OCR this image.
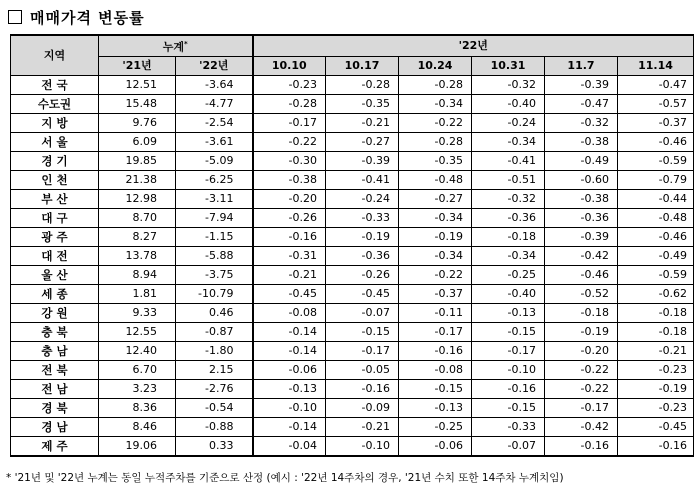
매매가격 변동률
지역	누계*		'22년					
	'21년	'22년	10.10	10.17	10.24	10.31	11.7	11.14
전 국	12.51	-3.64	-0.23	-0.28	-0.28	-0.32	-0.39	-0.47
수도권	15.48	-4.77	-0.28	-0.35	-0.34	-0.40	-0.47	-0.57
지 방	9.76	-2.54	-0.17	-0.21	-0.22	-0.24	-0.32	-0.37
서 울	6.09	-3.61	-0.22	-0.27	-0.28	-0.34	-0.38	-0.46
경 기	19.85	-5.09	-0.30	-0.39	-0.35	-0.41	-0.49	-0.59
인 천	21.38	-6.25	-0.38	-0.41	-0.48	-0.51	-0.60	-0.79
부 산	12.98	-3.11	-0.20	-0.24	-0.27	-0.32	-0.38	-0.44
대 구	8.70	-7.94	-0.26	-0.33	-0.34	-0.36	-0.36	-0.48
광 주	8.27	-1.15	-0.16	-0.19	-0.19	-0.18	-0.39	-0.46
대 전	13.78	-5.88	-0.31	-0.36	-0.34	-0.34	-0.42	-0.49
울 산	8.94	-3.75	-0.21	-0.26	-0.22	-0.25	-0.46	-0.59
세 종	1.81	-10.79	-0.45	-0.45	-0.37	-0.40	-0.52	-0.62
강 원	9.33	0.46	-0.08	-0.07	-0.11	-0.13	-0.18	-0.18
충 북	12.55	-0.87	-0.14	-0.15	-0.17	-0.15	-0.19	-0.18
충 남	12.40	-1.80	-0.14	-0.17	-0.16	-0.17	-0.20	-0.21
전 북	6.70	2.15	-0.06	-0.05	-0.08	-0.10	-0.22	-0.23
전 남	3.23	-2.76	-0.13	-0.16	-0.15	-0.16	-0.22	-0.19
경 북	8.36	-0.54	-0.10	-0.09	-0.13	-0.15	-0.17	-0.23
경 남	8.46	-0.88	-0.14	-0.21	-0.25	-0.33	-0.42	-0.45
제 주	19.06	0.33	-0.04	-0.10	-0.06	-0.07	-0.16	-0.16
* '21년 및 '22년 누계는 동일 누적주차를 기준으로 산정 (예시 : '22년 14주차의 경우, '21년 수치 또한 14주차 누계치임)
